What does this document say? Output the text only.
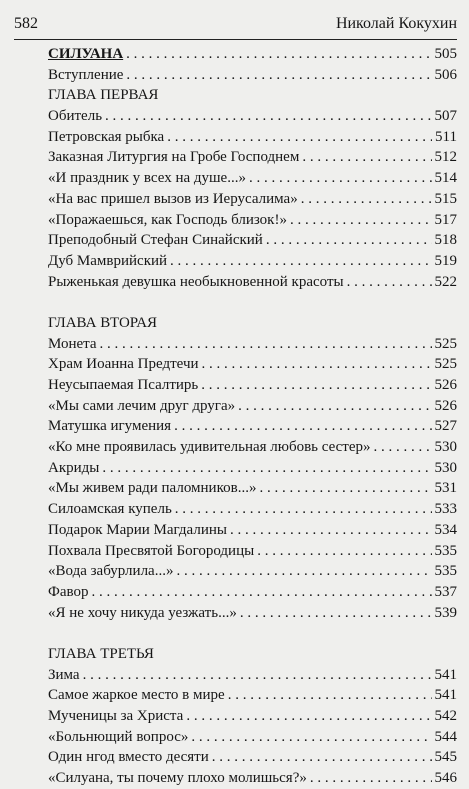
582	Николай Кокухин
СИЛУАНА . . .	505
Вступление . . .	506
ГЛАВА ПЕРВАЯ
Обитель . . .	507
Петровская рыбка . . .	511
Заказная Литургия на Гробе Господнем . . .	512
«И праздник у всех на душе...» . . .	514
«На вас пришел вызов из Иерусалима» . . .	515
«Поражаешься, как Господь близок!» . . .	517
Преподобный Стефан Синайский . . .	518
Дуб Мамврийский . . .	519
Рыженькая девушка необыкновенной красоты . . .	522
ГЛАВА ВТОРАЯ
Монета . . .	525
Храм Иоанна Предтечи . . .	525
Неусыпаемая Псалтирь . . .	526
«Мы сами лечим друг друга» . . .	526
Матушка игумения . . .	527
«Ко мне проявилась удивительная любовь сестер» . . .	530
Акриды . . .	530
«Мы живем ради паломников...» . . .	531
Силоамская купель . . .	533
Подарок Марии Магдалины . . .	534
Похвала Пресвятой Богородицы . . .	535
«Вода забурлила...» . . .	535
Фавор . . .	537
«Я не хочу никуда уезжать...» . . .	539
ГЛАВА ТРЕТЬЯ
Зима . . .	541
Самое жаркое место в мире . . .	541
Мученицы за Христа . . .	542
«Больнющий вопрос» . . .	544
Один нгод вместо десяти . . .	545
«Силуана, ты почему плохо молишься?» . . .	546
